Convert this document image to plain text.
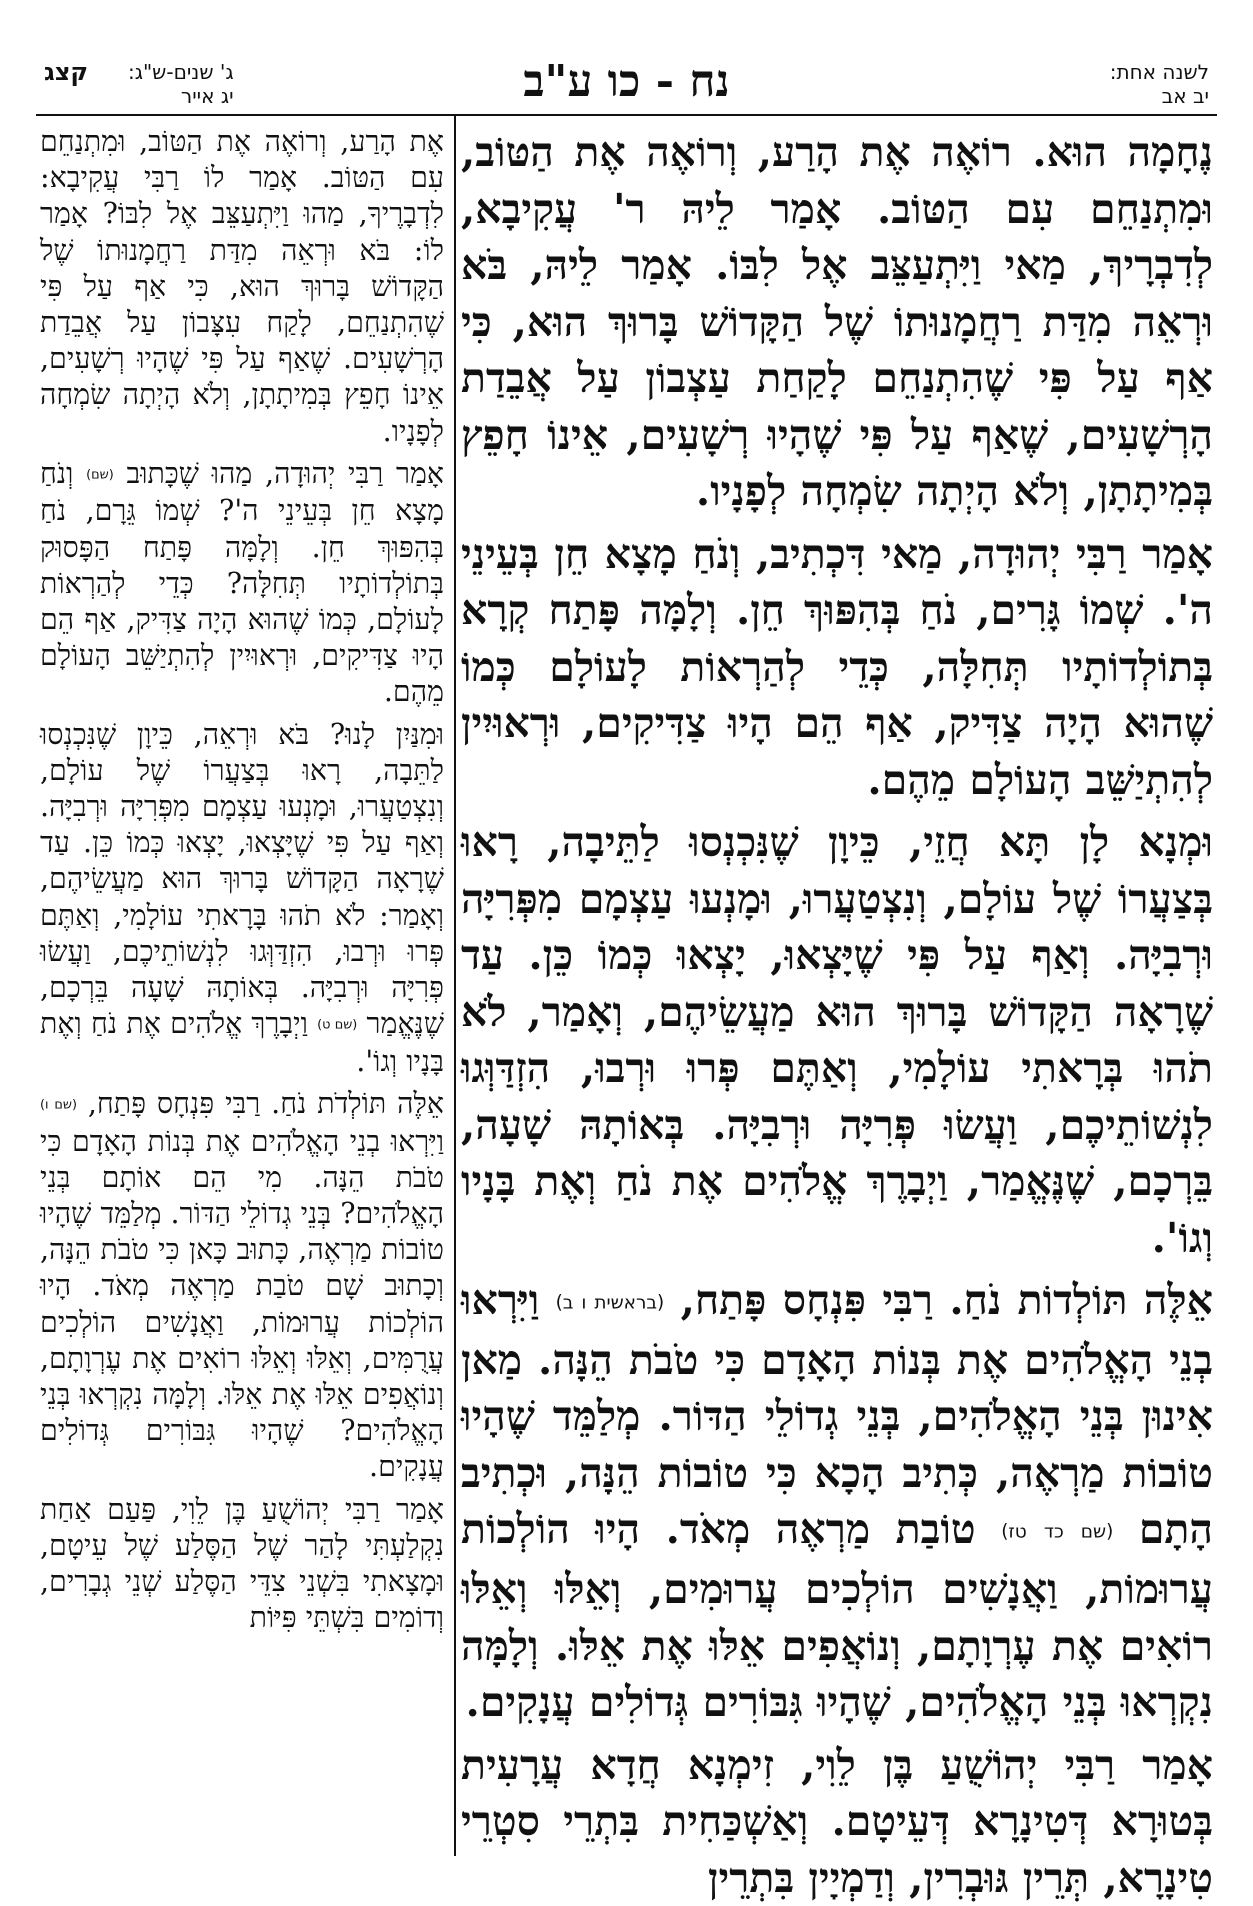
לשנה אחת:
יב אב
נח - כו ע"ב
ג' שנים-ש"ג:
יג אייר
קצג

נֶחָמָה הוּא. רוֹאֶה אֶת הָרַע, וְרוֹאֶה אֶת הַטּוֹב, וּמִתְנַחֵם עִם הַטּוֹב. אָמַר לֵיהּ ר' עֲקִיבָא, לְדִבְרָיךְ, מַאי וַיִּתְעַצֵּב אֶל לִבּוֹ. אָמַר לֵיהּ, בֹּא וּרְאֵה מִדַּת רַחֲמָנוּתוֹ שֶׁל הַקָּדוֹשׁ בָּרוּךְ הוּא, כִּי אַף עַל פִּי שֶׁהִתְנַחֵם לָקַחַת עַצְבוֹן עַל אֲבֵדַת הָרְשָׁעִים, שֶׁאַף עַל פִּי שֶׁהָיוּ רְשָׁעִים, אֵינוֹ חָפֵץ בְּמִיתָתָן, וְלֹא הָיְתָה שִׂמְחָה לְפָנָיו.

אָמַר רַבִּי יְהוּדָה, מַאי דִּכְתִיב, וְנֹחַ מָצָא חֵן בְּעֵינֵי ה'. שְׁמוֹ גָּרִים, נֹחַ בְּהִפּוּךְ חֵן. וְלָמָּה פָּתַח קְרָא בְּתוֹלְדוֹתָיו תְּחִלָּה, כְּדֵי לְהַרְאוֹת לָעוֹלָם כְּמוֹ שֶׁהוּא הָיָה צַדִּיק, אַף הֵם הָיוּ צַדִּיקִים, וּרְאוּיִין לְהִתְיַשֵּׁב הָעוֹלָם מֵהֶם.

וּמְנָא לָן תָּא חֲזֵי, כֵּיוָן שֶׁנִּכְנְסוּ לַתֵּיבָה, רָאוּ בְּצַעֲרוֹ שֶׁל עוֹלָם, וְנִצְטַעֲרוּ, וּמָנְעוּ עַצְמָם מִפְּרִיָּה וּרְבִיָּה. וְאַף עַל פִּי שֶׁיָּצְאוּ, יָצְאוּ כְּמוֹ כֵּן. עַד שֶׁרָאָה הַקָּדוֹשׁ בָּרוּךְ הוּא מַעֲשֵׂיהֶם, וְאָמַר, לֹא תֹהוּ בְּרָאתִי עוֹלָמִי, וְאַתֶּם פְּרוּ וּרְבוּ, הִזְדַּוְּגוּ לִנְשׁוֹתֵיכֶם, וַעֲשׂוּ פְּרִיָּה וּרְבִיָּה. בְּאוֹתָהּ שָׁעָה, בֵּרְכָם, שֶׁנֶּאֱמַר, וַיְבָרֶךְ אֱלֹהִים אֶת נֹחַ וְאֶת בָּנָיו וְגוֹ'.

אֵלֶּה תּוֹלְדוֹת נֹחַ. רַבִּי פִּנְחָס פָּתַח, (בראשית ו ב) וַיִּרְאוּ בְנֵי הָאֱלֹהִים אֶת בְּנוֹת הָאָדָם כִּי טֹבֹת הֵנָּה. מַאן אִינוּן בְּנֵי הָאֱלֹהִים, בְּנֵי גְדוֹלֵי הַדּוֹר. מְלַמֵּד שֶׁהָיוּ טוֹבוֹת מַרְאֶה, כְּתִיב הָכָא כִּי טוֹבוֹת הֵנָּה, וּכְתִיב הָתָם (שם כד טז) טוֹבַת מַרְאֶה מְאֹד. הָיוּ הוֹלְכוֹת עֲרוּמוֹת, וַאֲנָשִׁים הוֹלְכִים עֲרוּמִים, וְאֵלּוּ וְאֵלּוּ רוֹאִים אֶת עֶרְוָתָם, וְנוֹאֲפִים אֵלּוּ אֶת אֵלּוּ. וְלָמָּה נִקְרְאוּ בְּנֵי הָאֱלֹהִים, שֶׁהָיוּ גִּבּוֹרִים גְּדוֹלִים עֲנָקִים.

אָמַר רַבִּי יְהוֹשֻׁעַ בֶּן לֵוִי, זִימְנָא חֲדָא עֲרָעִית בְּטוּרָא דְּטִינָרָא דְּעֵיטָם. וְאַשְׁכַּחִית בִּתְרֵי סִטְרֵי טִינָרָא, תְּרֵין גּוּבְרִין, וְדַמְיָין בִּתְרֵין

אֶת הָרַע, וְרוֹאֶה אֶת הַטּוֹב, וּמִתְנַחֵם עִם הַטּוֹב. אָמַר לוֹ רַבִּי עֲקִיבָא: לִדְבָרֶיךָ, מַהוּ וַיִּתְעַצֵּב אֶל לִבּוֹ? אָמַר לוֹ: בֹּא וּרְאֵה מִדַּת רַחֲמָנוּתוֹ שֶׁל הַקָּדוֹשׁ בָּרוּךְ הוּא, כִּי אַף עַל פִּי שֶׁהִתְנַחֵם, לָקַח עִצָּבוֹן עַל אֲבֵדַת הָרְשָׁעִים. שֶׁאַף עַל פִּי שֶׁהָיוּ רְשָׁעִים, אֵינוֹ חָפֵץ בְּמִיתָתָן, וְלֹא הָיְתָה שִׂמְחָה לְפָנָיו.

אָמַר רַבִּי יְהוּדָה, מַהוּ שֶׁכָּתוּב (שם) וְנֹחַ מָצָא חֵן בְּעֵינֵי ה'? שְׁמוֹ גֵּרָם, נֹחַ בְּהִפּוּךְ חֵן. וְלָמָּה פָּתַח הַפָּסוּק בְּתוֹלְדוֹתָיו תְּחִלָּה? כְּדֵי לְהַרְאוֹת לָעוֹלָם, כְּמוֹ שֶׁהוּא הָיָה צַדִּיק, אַף הֵם הָיוּ צַדִּיקִים, וּרְאוּיִין לְהִתְיַשֵּׁב הָעוֹלָם מֵהֶם.

וּמִנַּיִן לָנוּ? בֹּא וּרְאֵה, כֵּיוָן שֶׁנִּכְנְסוּ לַתֵּבָה, רָאוּ בְּצַעֲרוֹ שֶׁל עוֹלָם, וְנִצְטַעֲרוּ, וּמָנְעוּ עַצְמָם מִפְּרִיָּה וּרְבִיָּה. וְאַף עַל פִּי שֶׁיָּצְאוּ, יָצְאוּ כְּמוֹ כֵּן. עַד שֶׁרָאָה הַקָּדוֹשׁ בָּרוּךְ הוּא מַעֲשֵׂיהֶם, וְאָמַר: לֹא תֹהוּ בָּרָאתִי עוֹלָמִי, וְאַתֶּם פְּרוּ וּרְבוּ, הִזְדַּוְּגוּ לִנְשׁוֹתֵיכֶם, וַעֲשׂוּ פְּרִיָּה וּרְבִיָּה. בְּאוֹתָהּ שָׁעָה בֵּרְכָם, שֶׁנֶּאֱמַר (שם ט) וַיְבָרֶךְ אֱלֹהִים אֶת נֹחַ וְאֶת בָּנָיו וְגוֹ'.

אֵלֶּה תּוֹלְדֹת נֹחַ. רַבִּי פִּנְחָס פָּתַח, (שם ו) וַיִּרְאוּ בְנֵי הָאֱלֹהִים אֶת בְּנוֹת הָאָדָם כִּי טֹבֹת הֵנָּה. מִי הֵם אוֹתָם בְּנֵי הָאֱלֹהִים? בְּנֵי גְדוֹלֵי הַדּוֹר. מְלַמֵּד שֶׁהָיוּ טוֹבוֹת מַרְאֶה, כָּתוּב כָּאן כִּי טֹבֹת הֵנָּה, וְכָתוּב שָׁם טֹבַת מַרְאֶה מְאֹד. הָיוּ הוֹלְכוֹת עֲרוּמוֹת, וַאֲנָשִׁים הוֹלְכִים עֲרֻמִּים, וְאֵלּוּ וְאֵלּוּ רוֹאִים אֶת עֶרְוָתָם, וְנוֹאֲפִים אֵלּוּ אֶת אֵלּוּ. וְלָמָּה נִקְרְאוּ בְּנֵי הָאֱלֹהִים? שֶׁהָיוּ גִּבּוֹרִים גְּדוֹלִים עֲנָקִים.

אָמַר רַבִּי יְהוֹשֻׁעַ בֶּן לֵוִי, פַּעַם אַחַת נִקְלַעְתִּי לָהַר שֶׁל הַסֶּלַע שֶׁל עֵיטָם, וּמָצָאתִי בִּשְׁנֵי צִדֵּי הַסֶּלַע שְׁנֵי גְבָרִים, וְדוֹמִים בִּשְׁתֵּי פִּיּוֹת
